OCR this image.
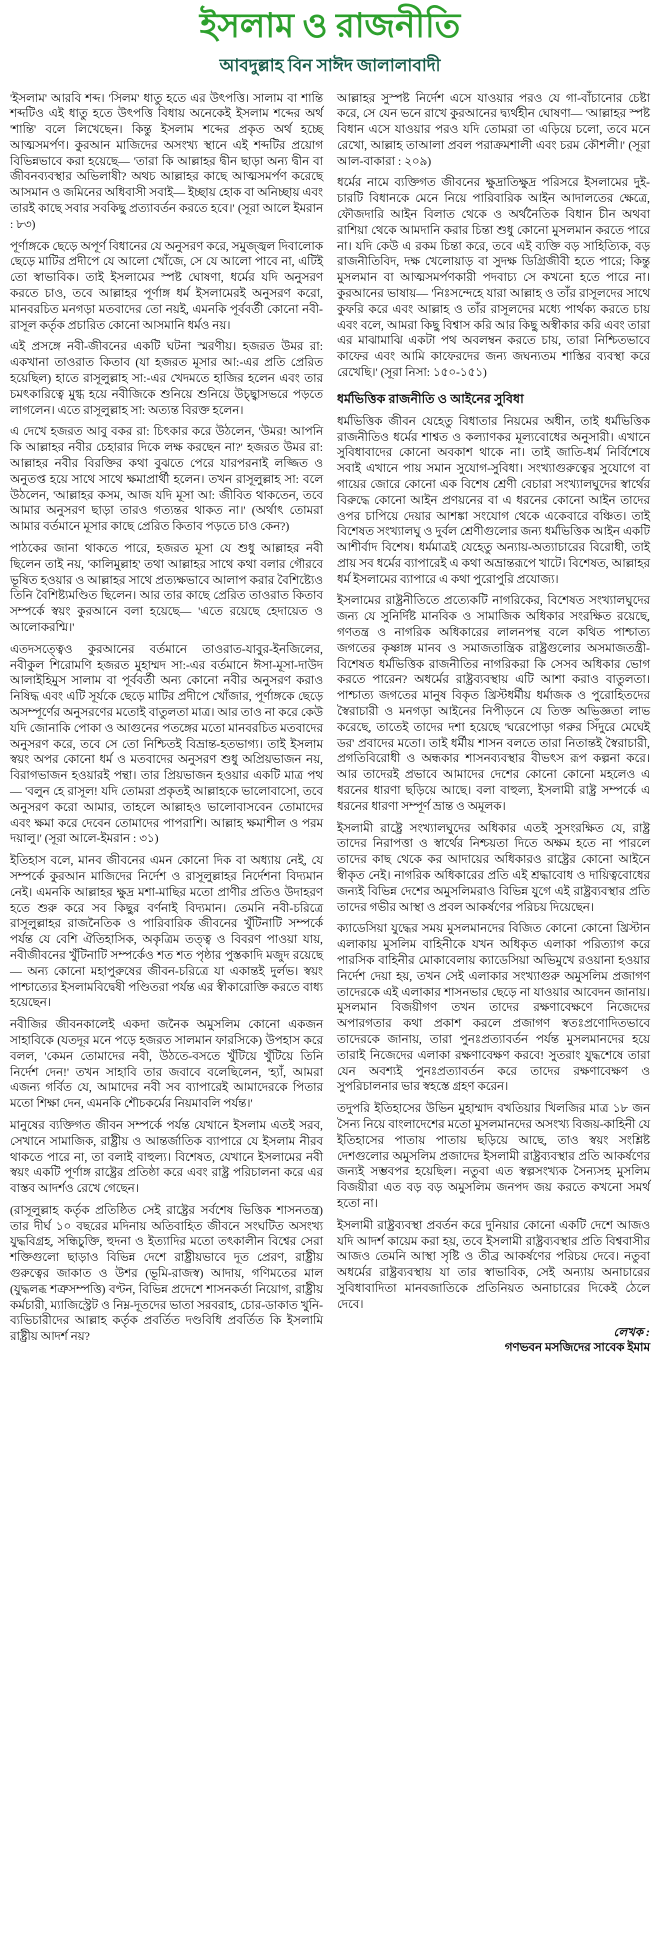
ইসলাম ও রাজনীতি
আবদুল্লাহ বিন সাঈদ জালালাবাদী

'ইসলাম' আরবি শব্দ। 'সিলম' ধাতু হতে এর উৎপত্তি। সালাম বা শান্তি শব্দটিও এই ধাতু হতে উৎপত্তি বিধায় অনেকেই ইসলাম শব্দের অর্থ 'শান্তি' বলে লিখেছেন। কিন্তু ইসলাম শব্দের প্রকৃত অর্থ হচ্ছে আত্মসমর্পণ। কুরআন মাজিদের অসংখ্য স্থানে এই শব্দটির প্রয়োগ বিভিন্নভাবে করা হয়েছে— 'তারা কি আল্লাহর দ্বীন ছাড়া অন্য দ্বীন বা জীবনব্যবস্থার অভিলাষী? অথচ আল্লাহর কাছে আত্মসমর্পণ করেছে আসমান ও জমিনের অধিবাসী সবাই— ইচ্ছায় হোক বা অনিচ্ছায় এবং তারই কাছে সবার সবকিছু প্রত্যাবর্তন করতে হবে।' (সূরা আলে ইমরান : ৮৩)

পূর্ণাঙ্গকে ছেড়ে অপূর্ণ বিধানের যে অনুসরণ করে, সমুজ্জ্বল দিবালোক ছেড়ে মাটির প্রদীপে যে আলো খোঁজে, সে যে আলো পাবে না, এটিই তো স্বাভাবিক। তাই ইসলামের স্পষ্ট ঘোষণা, ধর্মের যদি অনুসরণ করতে চাও, তবে আল্লাহর পূর্ণাঙ্গ ধর্ম ইসলামেরই অনুসরণ করো, মানবরচিত মনগড়া মতবাদের তো নয়ই, এমনকি পূর্ববর্তী কোনো নবী-রাসূল কর্তৃক প্রচারিত কোনো আসমানি ধর্মও নয়।

এই প্রসঙ্গে নবী-জীবনের একটি ঘটনা স্মরণীয়। হজরত উমর রা: একখানা তাওরাত কিতাব (যা হজরত মূসার আ:-এর প্রতি প্রেরিত হয়েছিল) হাতে রাসূলুল্লাহ সা:-এর খেদমতে হাজির হলেন এবং তার চমৎকারিত্বে মুগ্ধ হয়ে নবীজিকে শুনিয়ে শুনিয়ে উচ্ছ্বাসভরে পড়তে লাগলেন। এতে রাসূলুল্লাহ সা: অত্যন্ত বিরক্ত হলেন।

এ দেখে হজরত আবু বকর রা: চিৎকার করে উঠলেন, 'উমর! আপনি কি আল্লাহর নবীর চেহারার দিকে লক্ষ করছেন না?' হজরত উমর রা: আল্লাহর নবীর বিরক্তির কথা বুঝতে পেরে যারপরনাই লজ্জিত ও অনুতপ্ত হয়ে সাথে সাথে ক্ষমাপ্রার্থী হলেন। তখন রাসূলুল্লাহ সা: বলে উঠলেন, 'আল্লাহর কসম, আজ যদি মূসা আ: জীবিত থাকতেন, তবে আমার অনুসরণ ছাড়া তারও গত্যন্তর থাকত না।' (অর্থাৎ তোমরা আমার বর্তমানে মূসার কাছে প্রেরিত কিতাব পড়তে চাও কেন?)

পাঠকের জানা থাকতে পারে, হজরত মূসা যে শুধু আল্লাহর নবী ছিলেন তাই নয়, 'কালিমুল্লাহ' তথা আল্লাহর সাথে কথা বলার গৌরবে ভূষিত হওয়ার ও আল্লাহর সাথে প্রত্যক্ষভাবে আলাপ করার বৈশিষ্ট্যেও তিনি বৈশিষ্ট্যমণ্ডিত ছিলেন। আর তার কাছে প্রেরিত তাওরাত কিতাব সম্পর্কে স্বয়ং কুরআনে বলা হয়েছে— 'এতে রয়েছে হেদায়েত ও আলোকরশ্মি।'

এতদসত্ত্বেও কুরআনের বর্তমানে তাওরাত-যাবুর-ইনজিলের, নবীকুল শিরোমণি হজরত মুহাম্মদ সা:-এর বর্তমানে ঈসা-মূসা-দাউদ আলাইহিমুস সালাম বা পূর্ববর্তী অন্য কোনো নবীর অনুসরণ করাও নিষিদ্ধ এবং এটি সূর্যকে ছেড়ে মাটির প্রদীপে খোঁজার, পূর্ণাঙ্গকে ছেড়ে অসম্পূর্ণের অনুসরণের মতোই বাতুলতা মাত্র। আর তাও না করে কেউ যদি জোনাকি পোকা ও আগুনের পতঙ্গের মতো মানবরচিত মতবাদের অনুসরণ করে, তবে সে তো নিশ্চিতই বিভ্রান্ত-হতভাগ্য। তাই ইসলাম স্বয়ং অপর কোনো ধর্ম ও মতবাদের অনুসরণ শুধু অপ্রিয়ভাজন নয়, বিরাগভাজন হওয়ারই পন্থা। তার প্রিয়ভাজন হওয়ার একটি মাত্র পথ— 'বলুন হে রাসূল! যদি তোমরা প্রকৃতই আল্লাহকে ভালোবাসো, তবে অনুসরণ করো আমার, তাহলে আল্লাহও ভালোবাসবেন তোমাদের এবং ক্ষমা করে দেবেন তোমাদের পাপরাশি। আল্লাহ ক্ষমাশীল ও পরম দয়ালু।' (সূরা আলে-ইমরান : ৩১)

ইতিহাস বলে, মানব জীবনের এমন কোনো দিক বা অধ্যায় নেই, যে সম্পর্কে কুরআন মাজিদের নির্দেশ ও রাসূলুল্লাহর নির্দেশনা বিদ্যমান নেই। এমনকি আল্লাহর ক্ষুদ্র মশা-মাছির মতো প্রাণীর প্রতিও উদাহরণ হতে শুরু করে সব কিছুর বর্ণনাই বিদ্যমান। তেমনি নবী-চরিত্রে রাসূলুল্লাহর রাজনৈতিক ও পারিবারিক জীবনের খুঁটিনাটি সম্পর্কে পর্যন্ত যে বেশি ঐতিহাসিক, অকৃত্রিম তত্ত্ব ও বিবরণ পাওয়া যায়, নবীজীবনের খুঁটিনাটি সম্পর্কেও শত শত পৃষ্ঠার পুস্তকাদি মজুদ রয়েছে— অন্য কোনো মহাপুরুষের জীবন-চরিত্রে যা একান্তই দুর্লভ। স্বয়ং পাশ্চাত্যের ইসলামবিদ্বেষী পণ্ডিতরা পর্যন্ত এর স্বীকারোক্তি করতে বাধ্য হয়েছেন।

নবীজির জীবনকালেই একদা জনৈক অমুসলিম কোনো একজন সাহাবিকে (যতদূর মনে পড়ে হজরত সালমান ফারসিকে) উপহাস করে বলল, 'কেমন তোমাদের নবী, উঠতে-বসতে খুঁটিয়ে খুঁটিয়ে তিনি নির্দেশ দেন!' তখন সাহাবি তার জবাবে বলেছিলেন, 'হ্যাঁ, আমরা এজন্য গর্বিত যে, আমাদের নবী সব ব্যাপারেই আমাদেরকে পিতার মতো শিক্ষা দেন, এমনকি শৌচকর্মের নিয়মাবলি পর্যন্ত।'

মানুষের ব্যক্তিগত জীবন সম্পর্কে পর্যন্ত যেখানে ইসলাম এতই সরব, সেখানে সামাজিক, রাষ্ট্রীয় ও আন্তর্জাতিক ব্যাপারে যে ইসলাম নীরব থাকতে পারে না, তা বলাই বাহুল্য। বিশেষত, যেখানে ইসলামের নবী স্বয়ং একটি পূর্ণাঙ্গ রাষ্ট্রের প্রতিষ্ঠা করে এবং রাষ্ট্র পরিচালনা করে এর বাস্তব আদর্শও রেখে গেছেন।

(রাসূলুল্লাহ কর্তৃক প্রতিষ্ঠিত সেই রাষ্ট্রের সর্বশেষ ভিত্তিক শাসনতন্ত্র) তার দীর্ঘ ১০ বছরের মদিনায় অতিবাহিত জীবনে সংঘটিত অসংখ্য যুদ্ধবিগ্রহ, সন্ধিচুক্তি, হুদনা ও ইত্যাদির মতো তৎকালীন বিশ্বের সেরা শক্তিগুলো ছাড়াও বিভিন্ন দেশে রাষ্ট্রীয়ভাবে দূত প্রেরণ, রাষ্ট্রীয় গুরুত্বের জাকাত ও উশর (ভূমি-রাজস্ব) আদায়, গণিমতের মাল (যুদ্ধলব্ধ শত্রুসম্পত্তি) বণ্টন, বিভিন্ন প্রদেশে শাসনকর্তা নিয়োগ, রাষ্ট্রীয় কর্মচারী, ম্যাজিস্ট্রেট ও নিম্ন-দূতদের ভাতা সরবরাহ, চোর-ডাকাত খুনি-ব্যভিচারীদের আল্লাহ কর্তৃক প্রবর্তিত দণ্ডবিধি প্রবর্তিত কি ইসলামি রাষ্ট্রীয় আদর্শ নয়?

আল্লাহর সুস্পষ্ট নির্দেশ এসে যাওয়ার পরও যে গা-বাঁচানোর চেষ্টা করে, সে যেন ভনে রাখে কুরআনের দ্ব্যর্থহীন ঘোষণা— 'আল্লাহর স্পষ্ট বিধান এসে যাওয়ার পরও যদি তোমরা তা এড়িয়ে চলো, তবে মনে রেখো, আল্লাহ তাআলা প্রবল পরাক্রমশালী এবং চরম কৌশলী।' (সূরা আল-বাকারা : ২০৯)

ধর্মের নামে ব্যক্তিগত জীবনের ক্ষুদ্রাতিক্ষুদ্র পরিসরে ইসলামের দুই-চারটি বিধানকে মেনে নিয়ে পারিবারিক আইন আদালতের ক্ষেত্রে, ফৌজদারি আইন বিলাত থেকে ও অর্থনৈতিক বিধান চীন অথবা রাশিয়া থেকে আমদানি করার চিন্তা শুধু কোনো মুসলমান করতে পারে না। যদি কেউ এ রকম চিন্তা করে, তবে এই ব্যক্তি বড় সাহিত্যিক, বড় রাজনীতিবিদ, দক্ষ খেলোয়াড় বা সুদক্ষ ডিগ্রিজীবী হতে পারে; কিন্তু মুসলমান বা আত্মসমর্পণকারী পদবাচ্য সে কখনো হতে পারে না। কুরআনের ভাষায়— 'নিঃসন্দেহে যারা আল্লাহ ও তাঁর রাসূলদের সাথে কুফরি করে এবং আল্লাহ ও তাঁর রাসূলদের মধ্যে পার্থক্য করতে চায় এবং বলে, আমরা কিছু বিশ্বাস করি আর কিছু অস্বীকার করি এবং তারা এর মাঝামাঝি একটা পথ অবলম্বন করতে চায়, তারা নিশ্চিতভাবে কাফের এবং আমি কাফেরদের জন্য জঘন্যতম শাস্তির ব্যবস্থা করে রেখেছি।' (সূরা নিসা: ১৫০-১৫১)

ধর্মভিত্তিক রাজনীতি ও আইনের সুবিধা

ধর্মভিত্তিক জীবন যেহেতু বিধাতার নিয়মের অধীন, তাই ধর্মভিত্তিক রাজনীতিও ধর্মের শাশ্বত ও কল্যাণকর মূল্যবোধের অনুসারী। এখানে সুবিধাবাদের কোনো অবকাশ থাকে না। তাই জাতি-ধর্ম নির্বিশেষে সবাই এখানে পায় সমান সুযোগ-সুবিধা। সংখ্যাগুরুত্বের সুযোগে বা গায়ের জোরে কোনো এক বিশেষ শ্রেণী বেচারা সংখ্যালঘুদের স্বার্থের বিরুদ্ধে কোনো আইন প্রণয়নের বা এ ধরনের কোনো আইন তাদের ওপর চাপিয়ে দেয়ার আশঙ্কা সংযোগ থেকে একেবারে বঞ্চিত। তাই বিশেষত সংখ্যালঘু ও দুর্বল শ্রেণীগুলোর জন্য ধর্মভিত্তিক আইন একটি আশীর্বাদ বিশেষ। ধর্মমাত্রই যেহেতু অন্যায়-অত্যাচারের বিরোধী, তাই প্রায় সব ধর্মের ব্যাপারেই এ কথা অভ্রান্তরূপে খাটে। বিশেষত, আল্লাহর ধর্ম ইসলামের ব্যাপারে এ কথা পুরোপুরি প্রযোজ্য।

ইসলামের রাষ্ট্রনীতিতে প্রত্যেকটি নাগরিকের, বিশেষত সংখ্যালঘুদের জন্য যে সুনির্দিষ্ট মানবিক ও সামাজিক অধিকার সংরক্ষিত রয়েছে, গণতন্ত্র ও নাগরিক অধিকারের লালনপন্থ বলে কথিত পাশ্চাত্য জগতের কৃষ্ণাঙ্গ মানব ও সমাজতান্ত্রিক রাষ্ট্রগুলোর অসমাজতন্ত্রী-বিশেষত ধর্মভিত্তিক রাজনীতির নাগরিকরা কি সেসব অধিকার ভোগ করতে পারেন? অধর্মের রাষ্ট্রব্যবস্থায় এটি আশা করাও বাতুলতা। পাশ্চাত্য জগতের মানুষ বিকৃত খ্রিস্টধর্মীয় ধর্মাজক ও পুরোহিতদের স্বৈরাচারী ও মনগড়া আইনের নিপীড়নে যে তিক্ত অভিজ্ঞতা লাভ করেছে, তাতেই তাদের দশা হয়েছে 'ঘরেপোড়া গরুর সিঁদুরে মেঘেই ডর' প্রবাদের মতো। তাই ধর্মীয় শাসন বলতে তারা নিতান্তই স্বৈরাচারী, প্রগতিবিরোধী ও অন্ধকার শাসনব্যবস্থার বীভৎস রূপ কল্পনা করে। আর তাদেরই প্রভাবে আমাদের দেশের কোনো কোনো মহলেও এ ধরনের ধারণা ছড়িয়ে আছে। বলা বাহুল্য, ইসলামী রাষ্ট্র সম্পর্কে এ ধরনের ধারণা সম্পূর্ণ ভ্রান্ত ও অমূলক।

ইসলামী রাষ্ট্রে সংখ্যালঘুদের অধিকার এতই সুসংরক্ষিত যে, রাষ্ট্র তাদের নিরাপত্তা ও স্বার্থের নিশ্চয়তা দিতে অক্ষম হতে না পারলে তাদের কাছ থেকে কর আদায়ের অধিকারও রাষ্ট্রের কোনো আইনে স্বীকৃত নেই। নাগরিক অধিকারের প্রতি এই শ্রদ্ধাবোধ ও দায়িত্ববোধের জন্যই বিভিন্ন দেশের অমুসলিমরাও বিভিন্ন যুগে এই রাষ্ট্রব্যবস্থার প্রতি তাদের গভীর আস্থা ও প্রবল আকর্ষণের পরিচয় দিয়েছেন।

ক্যাডেসিয়া যুদ্ধের সময় মুসলমানদের বিজিত কোনো কোনো খ্রিস্টান এলাকায় মুসলিম বাহিনীকে যখন অধিকৃত এলাকা পরিত্যাগ করে পারসিক বাহিনীর মোকাবেলায় ক্যাডেসিয়া অভিমুখে রওয়ানা হওয়ার নির্দেশ দেয়া হয়, তখন সেই এলাকার সংখ্যাগুরু অমুসলিম প্রজাগণ তাদেরকে এই এলাকার শাসনভার ছেড়ে না যাওয়ার আবেদন জানায়। মুসলমান বিজয়ীগণ তখন তাদের রক্ষণাবেক্ষণে নিজেদের অপারগতার কথা প্রকাশ করলে প্রজাগণ স্বতঃপ্রণোদিতভাবে তাদেরকে জানায়, তারা পুনঃপ্রত্যাবর্তন পর্যন্ত মুসলমানদের হয়ে তারাই নিজেদের এলাকা রক্ষণাবেক্ষণ করবে! সুতরাং যুদ্ধশেষে তারা যেন অবশ্যই পুনঃপ্রত্যাবর্তন করে তাদের রক্ষণাবেক্ষণ ও সুপরিচালনার ভার স্বহস্তে গ্রহণ করেন।

তদুপরি ইতিহাসের উভিন মুহাম্মাদ বখতিয়ার খিলজির মাত্র ১৮ জন সৈন্য নিয়ে বাংলাদেশের মতো মুসলমানদের অসংখ্য বিজয়-কাহিনী যে ইতিহাসের পাতায় পাতায় ছড়িয়ে আছে, তাও স্বয়ং সংশ্লিষ্ট দেশগুলোর অমুসলিম প্রজাদের ইসলামী রাষ্ট্রব্যবস্থার প্রতি আকর্ষণের জন্যই সম্ভবপর হয়েছিল। নতুবা এত স্বল্পসংখ্যক সৈন্যসহ মুসলিম বিজয়ীরা এত বড় বড় অমুসলিম জনপদ জয় করতে কখনো সমর্থ হতো না।

ইসলামী রাষ্ট্রব্যবস্থা প্রবর্তন করে দুনিয়ার কোনো একটি দেশে আজও যদি আদর্শ কায়েম করা হয়, তবে ইসলামী রাষ্ট্রব্যবস্থার প্রতি বিশ্ববাসীর আজও তেমনি আস্থা সৃষ্টি ও তীব্র আকর্ষণের পরিচয় দেবে। নতুবা অধর্মের রাষ্ট্রব্যবস্থায় যা তার স্বাভাবিক, সেই অন্যায় অনাচারের সুবিধাবাদিতা মানবজাতিকে প্রতিনিয়ত অনাচারের দিকেই ঠেলে দেবে।

লেখক :

গণভবন মসজিদের সাবেক ইমাম
